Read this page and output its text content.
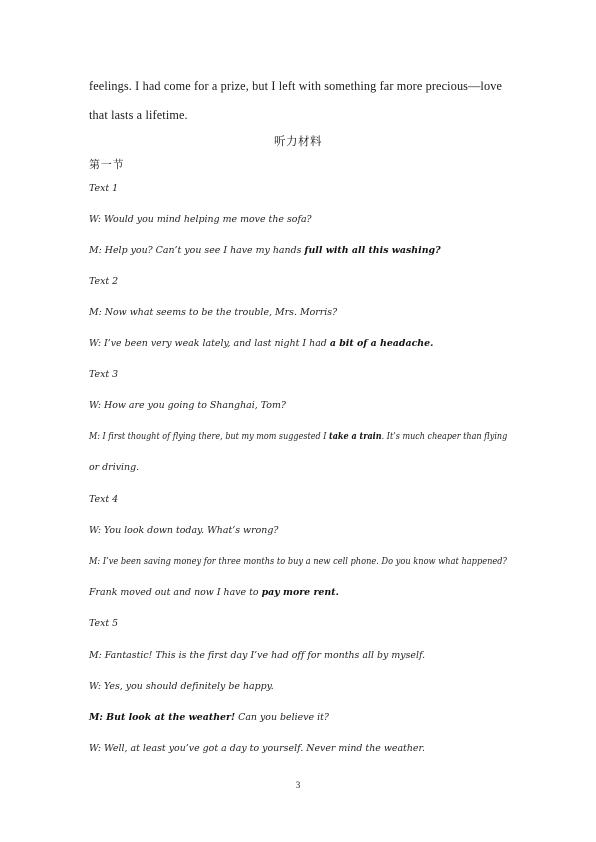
feelings. I had come for a prize, but I left with something far more precious—love
that lasts a lifetime.
听力材料
第一节
Text 1
W: Would you mind helping me move the sofa?
M: Help you? Can’t you see I have my hands full with all this washing?
Text 2
M: Now what seems to be the trouble, Mrs. Morris?
W: I’ve been very weak lately, and last night I had a bit of a headache.
Text 3
W: How are you going to Shanghai, Tom?
M: I first thought of flying there, but my mom suggested I take a train. It’s much cheaper than flying
or driving.
Text 4
W: You look down today. What’s wrong?
M: I’ve been saving money for three months to buy a new cell phone. Do you know what happened?
Frank moved out and now I have to pay more rent.
Text 5
M: Fantastic! This is the first day I’ve had off for months all by myself.
W: Yes, you should definitely be happy.
M: But look at the weather! Can you believe it?
W: Well, at least you’ve got a day to yourself. Never mind the weather.
3
